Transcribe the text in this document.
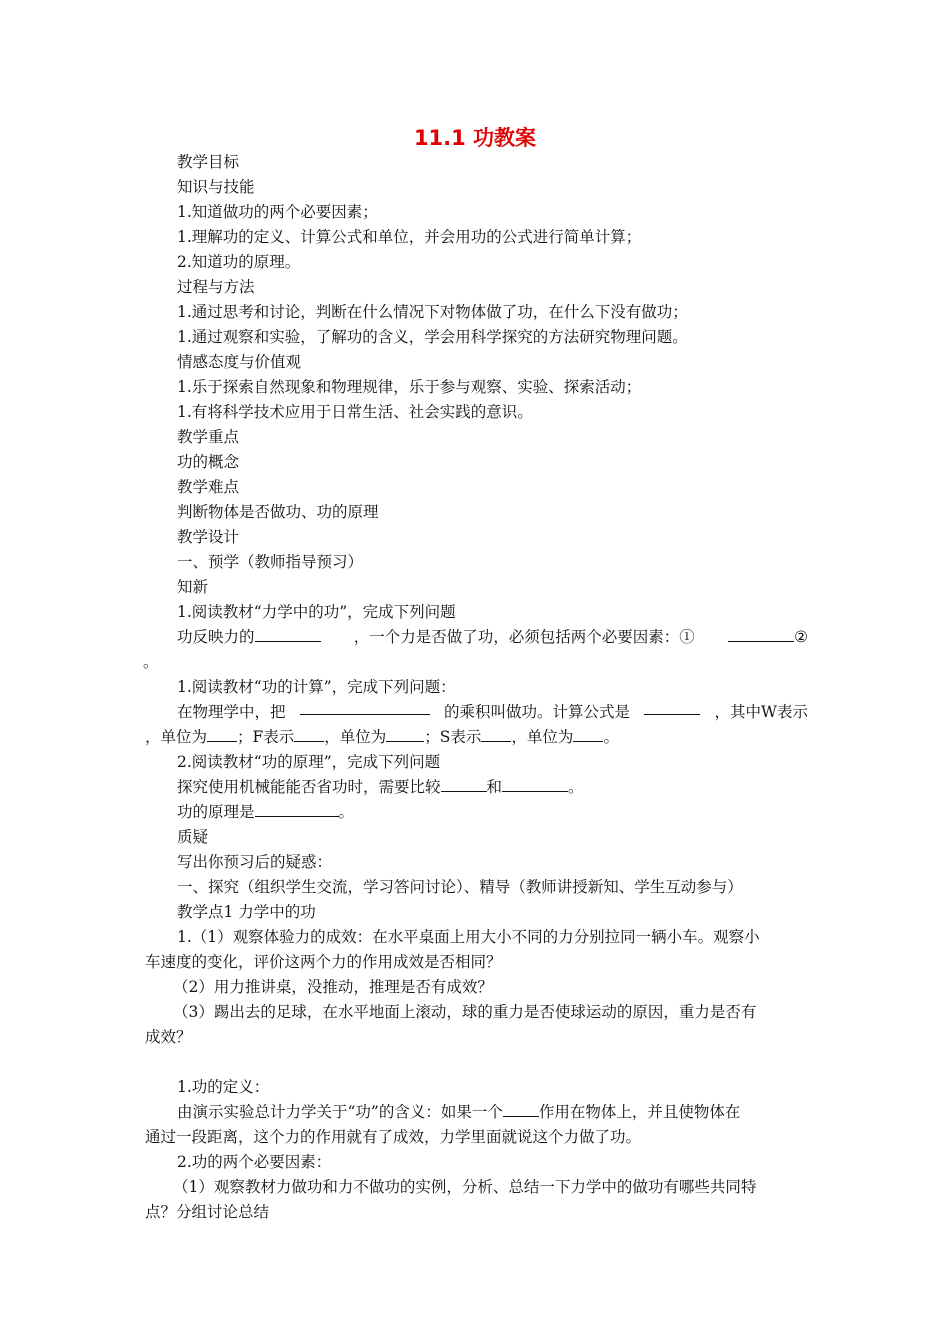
11.1 功教案
教学目标
知识与技能
1.知道做功的两个必要因素；
1.理解功的定义、计算公式和单位，并会用功的公式进行简单计算；
2.知道功的原理。
过程与方法
1.通过思考和讨论，判断在什么情况下对物体做了功，在什么下没有做功；
1.通过观察和实验，了解功的含义，学会用科学探究的方法研究物理问题。
情感态度与价值观
1.乐于探索自然现象和物理规律，乐于参与观察、实验、探索活动；
1.有将科学技术应用于日常生活、社会实践的意识。
教学重点
功的概念
教学难点
判断物体是否做功、功的原理
教学设计
一、预学（教师指导预习）
知新
1.阅读教材“力学中的功”，完成下列问题
功反映力的	，一个力是否做了功，必须包括两个必要因素：①	②
。
1.阅读教材“功的计算”，完成下列问题：
在物理学中，把	的乘积叫做功。计算公式是	，其中W表示
，单位为 ；F表示 ，单位为 ；S表示 ，单位为 。
2.阅读教材“功的原理”，完成下列问题
探究使用机械能能否省功时，需要比较	和	。
功的原理是	。
质疑
写出你预习后的疑惑：
一、探究（组织学生交流，学习答问讨论）、精导（教师讲授新知、学生互动参与）
教学点1 力学中的功
1.（1）观察体验力的成效：在水平桌面上用大小不同的力分别拉同一辆小车。观察小
车速度的变化，评价这两个力的作用成效是否相同？
（2）用力推讲桌，没推动，推理是否有成效？
（3）踢出去的足球，在水平地面上滚动，球的重力是否使球运动的原因，重力是否有
成效？
1.功的定义：
由演示实验总计力学关于“功”的含义：如果一个 作用在物体上，并且使物体在
通过一段距离，这个力的作用就有了成效，力学里面就说这个力做了功。
2.功的两个必要因素：
（1）观察教材力做功和力不做功的实例，分析、总结一下力学中的做功有哪些共同特
点？分组讨论总结
